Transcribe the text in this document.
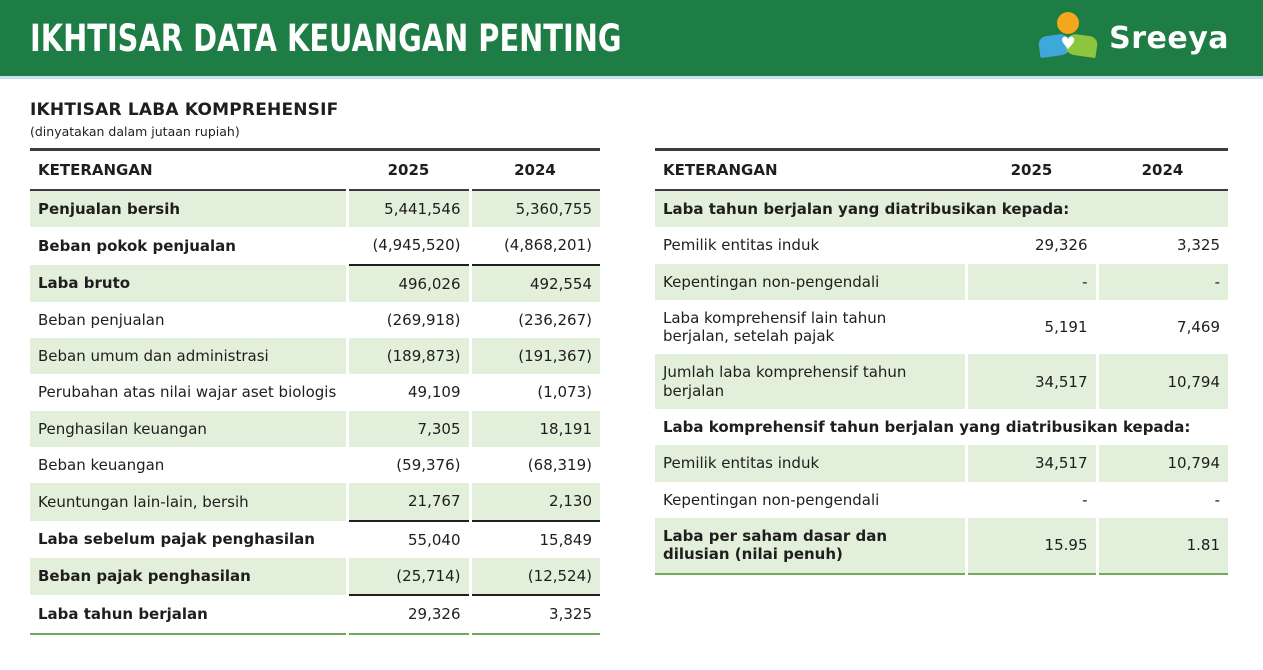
IKHTISAR DATA KEUANGAN PENTING	♥ Sreeya
IKHTISAR LABA KOMPREHENSIF
(dinyatakan dalam jutaan rupiah)
KETERANGAN	2025	2024
Penjualan bersih	5,441,546	5,360,755
Beban pokok penjualan	(4,945,520)	(4,868,201)
Laba bruto	496,026	492,554
Beban penjualan	(269,918)	(236,267)
Beban umum dan administrasi	(189,873)	(191,367)
Perubahan atas nilai wajar aset biologis	49,109	(1,073)
Penghasilan keuangan	7,305	18,191
Beban keuangan	(59,376)	(68,319)
Keuntungan lain-lain, bersih	21,767	2,130
Laba sebelum pajak penghasilan	55,040	15,849
Beban pajak penghasilan	(25,714)	(12,524)
Laba tahun berjalan	29,326	3,325
KETERANGAN	2025	2024
Laba tahun berjalan yang diatribusikan kepada:		
Pemilik entitas induk	29,326	3,325
Kepentingan non-pengendali	-	-
Laba komprehensif lain tahun berjalan, setelah pajak	5,191	7,469
Jumlah laba komprehensif tahun berjalan	34,517	10,794
Laba komprehensif tahun berjalan yang diatribusikan kepada:		
Pemilik entitas induk	34,517	10,794
Kepentingan non-pengendali	-	-
Laba per saham dasar dan dilusian (nilai penuh)	15.95	1.81
